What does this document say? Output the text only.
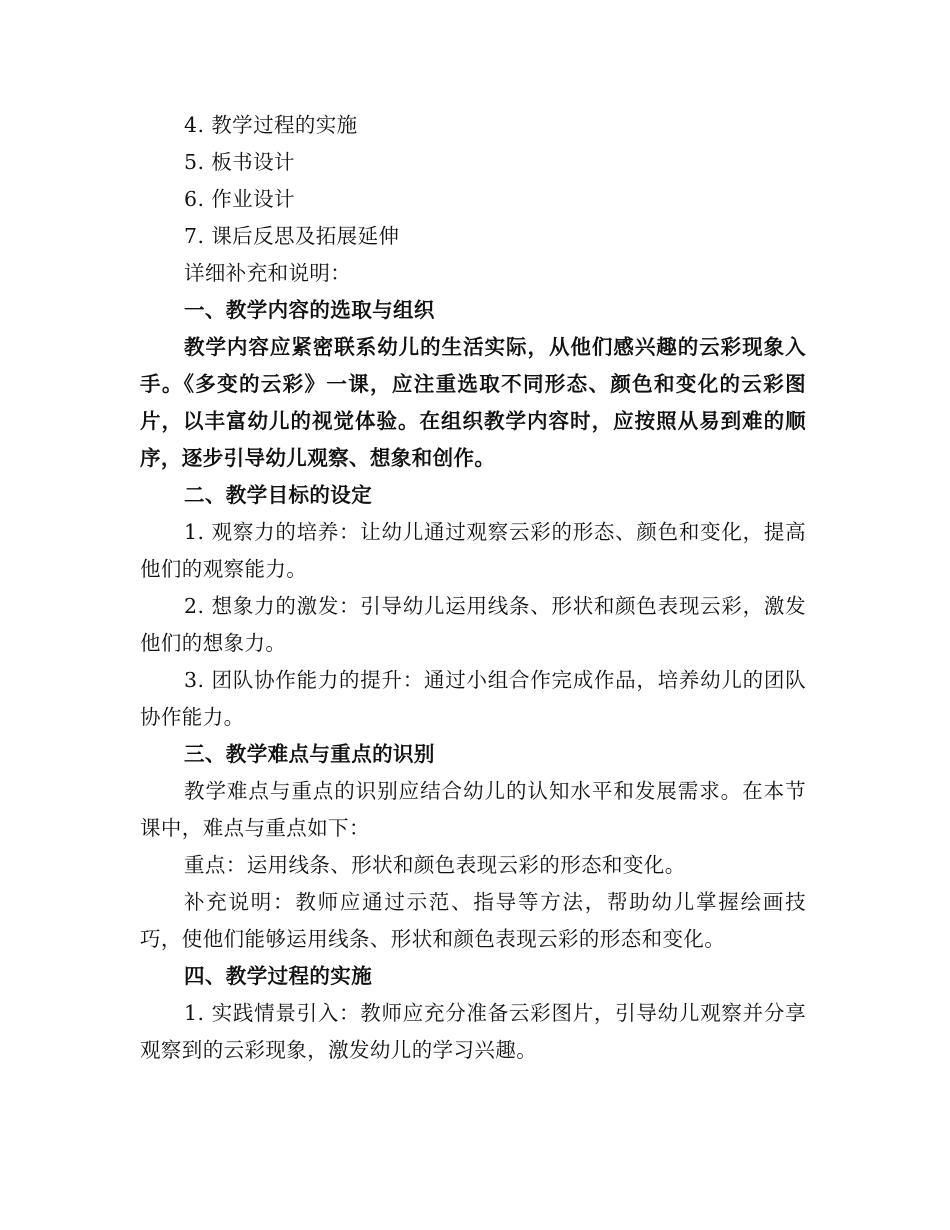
4. 教学过程的实施

5. 板书设计

6. 作业设计

7. 课后反思及拓展延伸

详细补充和说明：

一、教学内容的选取与组织

教学内容应紧密联系幼儿的生活实际，从他们感兴趣的云彩现象入手。《多变的云彩》一课，应注重选取不同形态、颜色和变化的云彩图片，以丰富幼儿的视觉体验。在组织教学内容时，应按照从易到难的顺序，逐步引导幼儿观察、想象和创作。

二、教学目标的设定

1. 观察力的培养：让幼儿通过观察云彩的形态、颜色和变化，提高他们的观察能力。

2. 想象力的激发：引导幼儿运用线条、形状和颜色表现云彩，激发他们的想象力。

3. 团队协作能力的提升：通过小组合作完成作品，培养幼儿的团队协作能力。

三、教学难点与重点的识别

教学难点与重点的识别应结合幼儿的认知水平和发展需求。在本节课中，难点与重点如下：

重点：运用线条、形状和颜色表现云彩的形态和变化。

补充说明：教师应通过示范、指导等方法，帮助幼儿掌握绘画技巧，使他们能够运用线条、形状和颜色表现云彩的形态和变化。

四、教学过程的实施

1. 实践情景引入：教师应充分准备云彩图片，引导幼儿观察并分享观察到的云彩现象，激发幼儿的学习兴趣。
